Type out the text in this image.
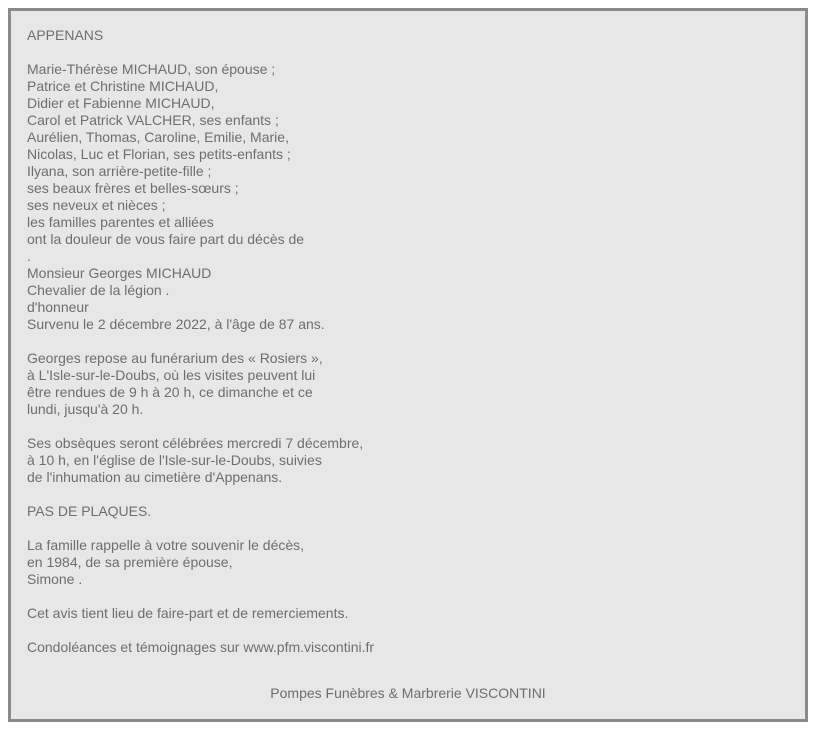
APPENANS
Marie-Thérèse MICHAUD, son épouse ;
Patrice et Christine MICHAUD,
Didier et Fabienne MICHAUD,
Carol et Patrick VALCHER, ses enfants ;
Aurélien, Thomas, Caroline, Emilie, Marie,
Nicolas, Luc et Florian, ses petits-enfants ;
Ilyana, son arrière-petite-fille ;
ses beaux frères et belles-sœurs ;
ses neveux et nièces ;
les familles parentes et alliées
ont la douleur de vous faire part du décès de
.
Monsieur Georges MICHAUD
Chevalier de la légion .
d'honneur
Survenu le 2 décembre 2022, à l'âge de 87 ans.
Georges repose au funérarium des « Rosiers »,
à L'Isle-sur-le-Doubs, où les visites peuvent lui
être rendues de 9 h à 20 h, ce dimanche et ce
lundi, jusqu'à 20 h.
Ses obsèques seront célébrées mercredi 7 décembre,
à 10 h, en l'église de l'Isle-sur-le-Doubs, suivies
de l'inhumation au cimetière d'Appenans.
PAS DE PLAQUES.
La famille rappelle à votre souvenir le décès,
en 1984, de sa première épouse,
Simone .
Cet avis tient lieu de faire-part et de remerciements.
Condoléances et témoignages sur www.pfm.viscontini.fr
Pompes Funèbres & Marbrerie VISCONTINI
